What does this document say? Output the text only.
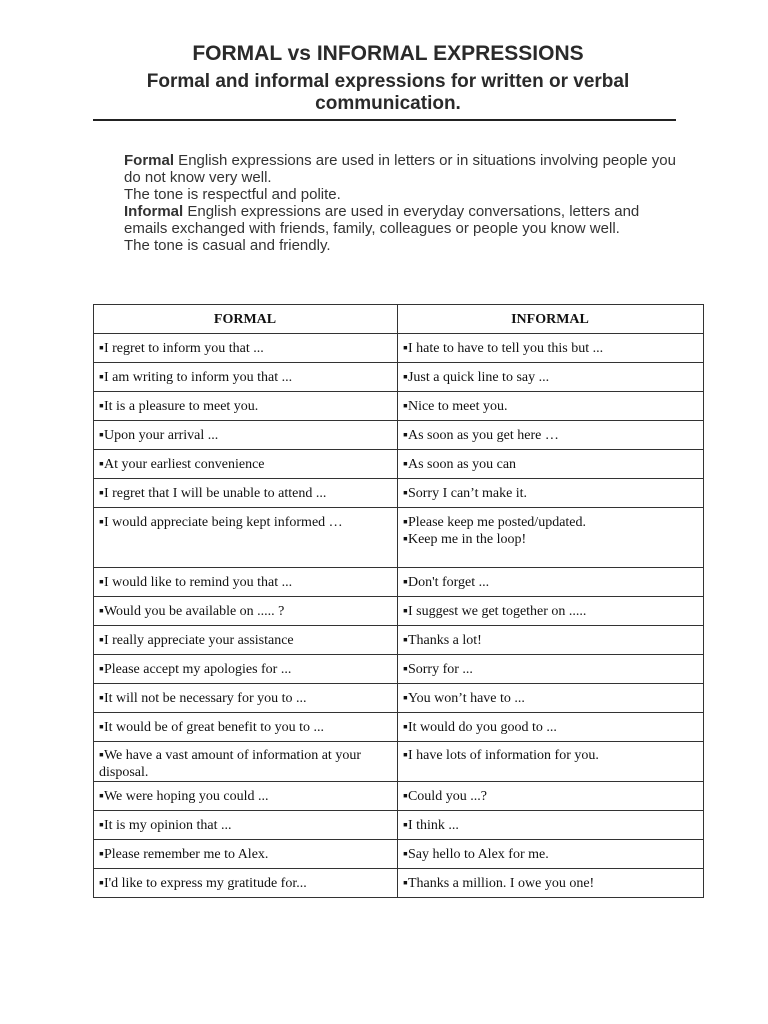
FORMAL vs INFORMAL EXPRESSIONS
Formal and informal expressions for written or verbal communication.

Formal English expressions are used in letters or in situations involving people you do not know very well.

The tone is respectful and polite.

Informal English expressions are used in everyday conversations, letters and emails exchanged with friends, family, colleagues or people you know well.

The tone is casual and friendly.

FORMAL	INFORMAL
▪I regret to inform you that ...	▪I hate to have to tell you this but ...

▪I am writing to inform you that ...	▪Just a quick line to say ...

▪It is a pleasure to meet you.	▪Nice to meet you.

▪Upon your arrival ...	▪As soon as you get here …

▪At your earliest convenience	▪As soon as you can

▪I regret that I will be unable to attend ...	▪Sorry I can’t make it.

▪I would appreciate being kept informed …	▪Please keep me posted/updated.
▪Keep me in the loop!

▪I would like to remind you that ...	▪Don't forget ...

▪Would you be available on ..... ?	▪I suggest we get together on .....

▪I really appreciate your assistance	▪Thanks a lot!

▪Please accept my apologies for ...	▪Sorry for ...

▪It will not be necessary for you to ...	▪You won’t have to ...

▪It would be of great benefit to you to ...	▪It would do you good to ...

▪We have a vast amount of information at your disposal.	▪I have lots of information for you.

▪We were hoping you could ...	▪Could you ...?

▪It is my opinion that ...	▪I think ...

▪Please remember me to Alex.	▪Say hello to Alex for me.

▪I'd like to express my gratitude for...	▪Thanks a million. I owe you one!
